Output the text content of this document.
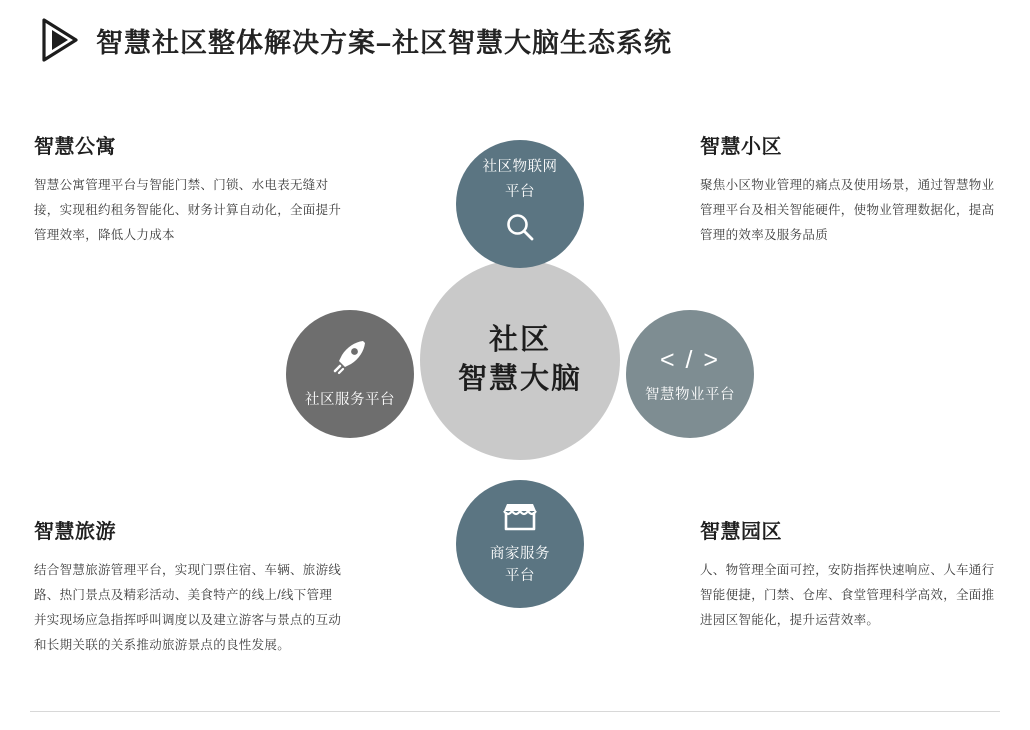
智慧社区整体解决方案–社区智慧大脑生态系统
智慧公寓

智慧公寓管理平台与智能门禁、门锁、水电表无缝对接，实现租约租务智能化、财务计算自动化，全面提升管理效率，降低人力成本

智慧小区

聚焦小区物业管理的痛点及使用场景，通过智慧物业管理平台及相关智能硬件，使物业管理数据化，提高管理的效率及服务品质

智慧旅游

结合智慧旅游管理平台，实现门票住宿、车辆、旅游线路、热门景点及精彩活动、美食特产的线上/线下管理并实现场应急指挥呼叫调度以及建立游客与景点的互动和长期关联的关系推动旅游景点的良性发展。

智慧园区

人、物管理全面可控，安防指挥快速响应、人车通行智能便捷，门禁、仓库、食堂管理科学高效，全面推进园区智能化，提升运营效率。

社区
智慧大脑
社区物联网
平台
< / >
智慧物业平台
商家服务
平台
社区服务平台
